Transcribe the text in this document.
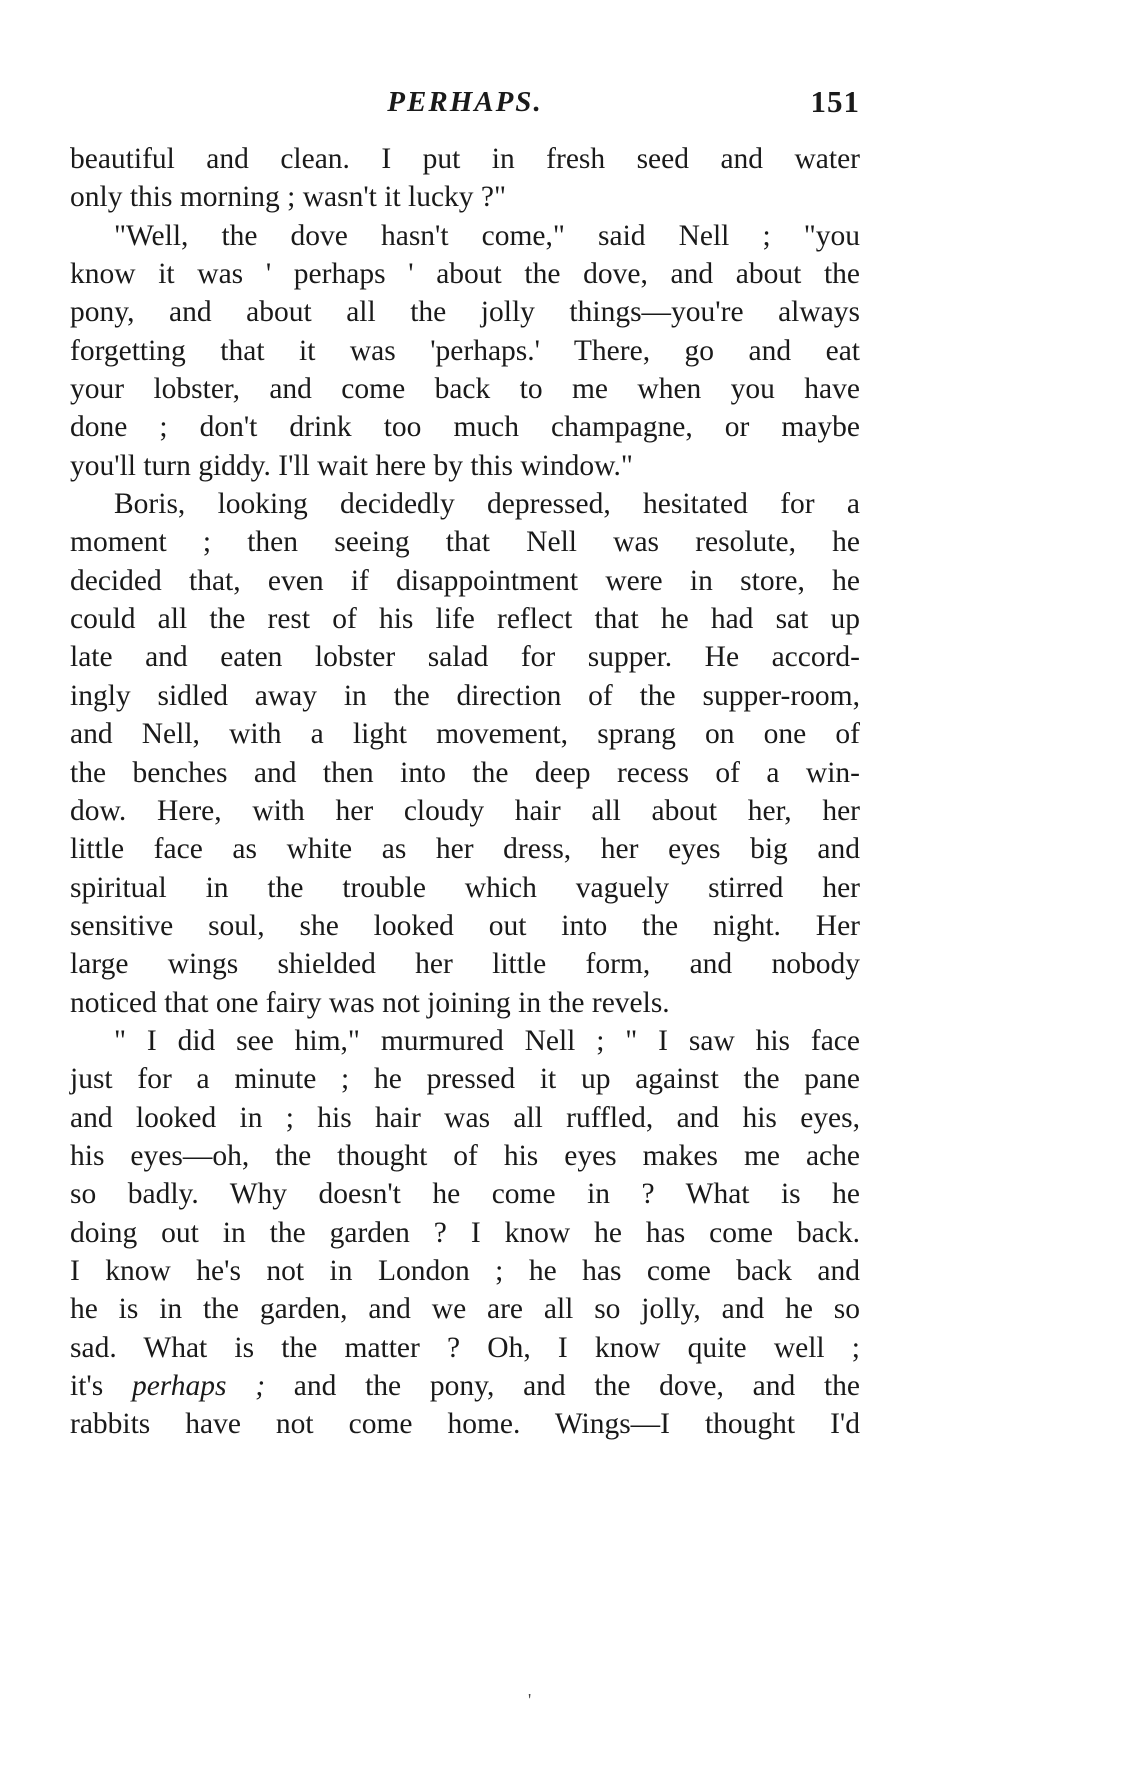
PERHAPS.	151
beautiful and clean. I put in fresh seed and water
only this morning ; wasn't it lucky ?"
"Well, the dove hasn't come," said Nell ; "you
know it was ' perhaps ' about the dove, and about the
pony, and about all the jolly things—you're always
forgetting that it was 'perhaps.' There, go and eat
your lobster, and come back to me when you have
done ; don't drink too much champagne, or maybe
you'll turn giddy. I'll wait here by this window."
Boris, looking decidedly depressed, hesitated for a
moment ; then seeing that Nell was resolute, he
decided that, even if disappointment were in store, he
could all the rest of his life reflect that he had sat up
late and eaten lobster salad for supper. He accord-
ingly sidled away in the direction of the supper-room,
and Nell, with a light movement, sprang on one of
the benches and then into the deep recess of a win-
dow. Here, with her cloudy hair all about her, her
little face as white as her dress, her eyes big and
spiritual in the trouble which vaguely stirred her
sensitive soul, she looked out into the night. Her
large wings shielded her little form, and nobody
noticed that one fairy was not joining in the revels.
" I did see him," murmured Nell ; " I saw his face
just for a minute ; he pressed it up against the pane
and looked in ; his hair was all ruffled, and his eyes,
his eyes—oh, the thought of his eyes makes me ache
so badly. Why doesn't he come in ? What is he
doing out in the garden ? I know he has come back.
I know he's not in London ; he has come back and
he is in the garden, and we are all so jolly, and he so
sad. What is the matter ? Oh, I know quite well ;
it's perhaps ; and the pony, and the dove, and the
rabbits have not come home. Wings—I thought I'd
'
